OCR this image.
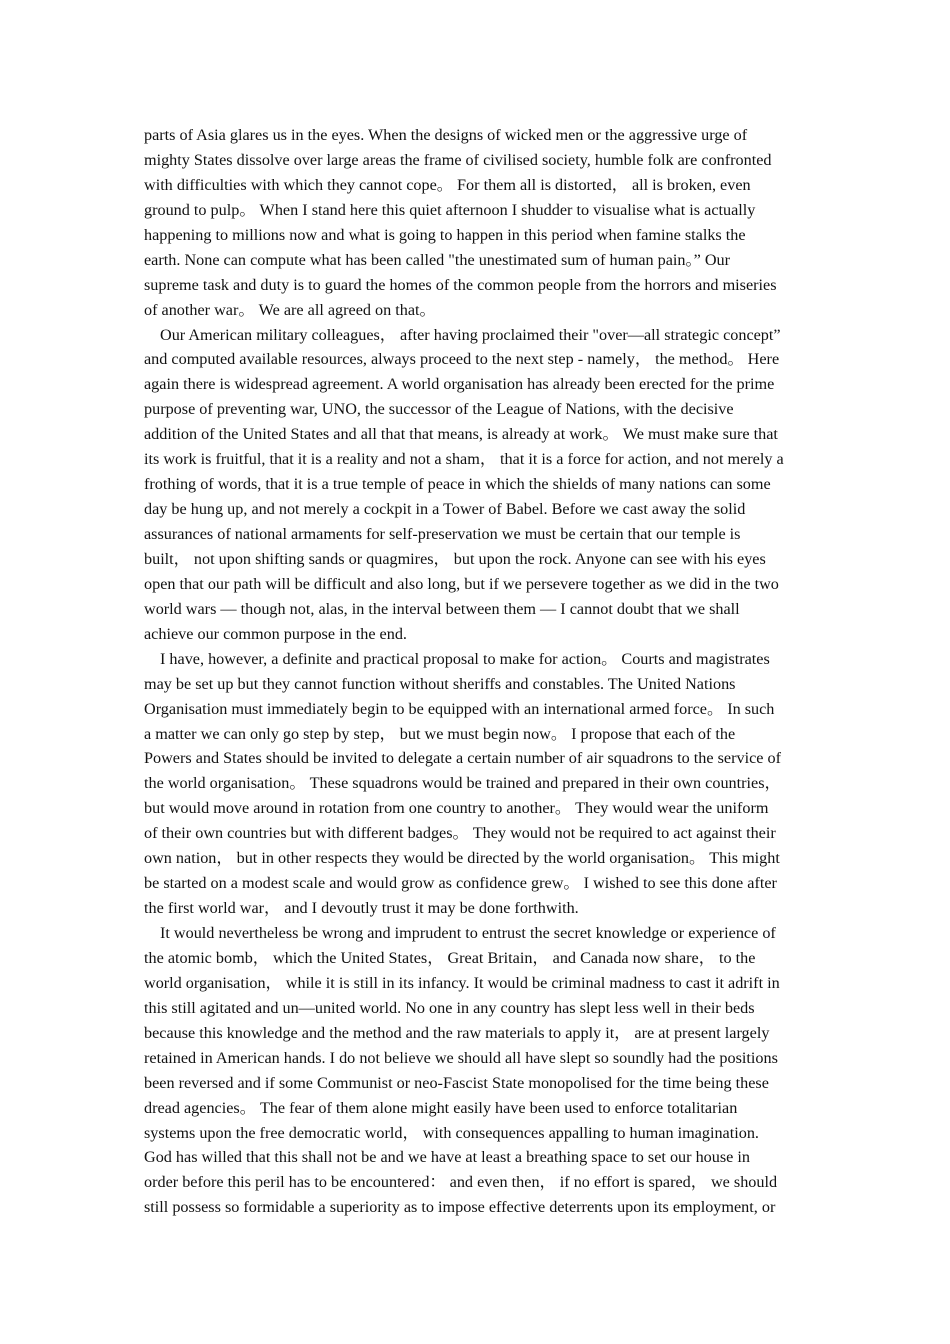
parts of Asia glares us in the eyes. When the designs of wicked men or the aggressive urge of
mighty States dissolve over large areas the frame of civilised society, humble folk are confronted
with difficulties with which they cannot cope。 For them all is distorted， all is broken, even
ground to pulp。 When I stand here this quiet afternoon I shudder to visualise what is actually
happening to millions now and what is going to happen in this period when famine stalks the
earth. None can compute what has been called "the unestimated sum of human pain。” Our
supreme task and duty is to guard the homes of the common people from the horrors and miseries
of another war。 We are all agreed on that。
Our American military colleagues， after having proclaimed their "over—all strategic concept”
and computed available resources, always proceed to the next step - namely， the method。 Here
again there is widespread agreement. A world organisation has already been erected for the prime
purpose of preventing war, UNO, the successor of the League of Nations, with the decisive
addition of the United States and all that that means, is already at work。 We must make sure that
its work is fruitful, that it is a reality and not a sham， that it is a force for action, and not merely a
frothing of words, that it is a true temple of peace in which the shields of many nations can some
day be hung up, and not merely a cockpit in a Tower of Babel. Before we cast away the solid
assurances of national armaments for self-preservation we must be certain that our temple is
built， not upon shifting sands or quagmires， but upon the rock. Anyone can see with his eyes
open that our path will be difficult and also long, but if we persevere together as we did in the two
world wars — though not, alas, in the interval between them — I cannot doubt that we shall
achieve our common purpose in the end.
I have, however, a definite and practical proposal to make for action。 Courts and magistrates
may be set up but they cannot function without sheriffs and constables. The United Nations
Organisation must immediately begin to be equipped with an international armed force。 In such
a matter we can only go step by step， but we must begin now。 I propose that each of the
Powers and States should be invited to delegate a certain number of air squadrons to the service of
the world organisation。 These squadrons would be trained and prepared in their own countries，
but would move around in rotation from one country to another。 They would wear the uniform
of their own countries but with different badges。 They would not be required to act against their
own nation， but in other respects they would be directed by the world organisation。 This might
be started on a modest scale and would grow as confidence grew。 I wished to see this done after
the first world war， and I devoutly trust it may be done forthwith.
It would nevertheless be wrong and imprudent to entrust the secret knowledge or experience of
the atomic bomb， which the United States， Great Britain， and Canada now share， to the
world organisation， while it is still in its infancy. It would be criminal madness to cast it adrift in
this still agitated and un—united world. No one in any country has slept less well in their beds
because this knowledge and the method and the raw materials to apply it， are at present largely
retained in American hands. I do not believe we should all have slept so soundly had the positions
been reversed and if some Communist or neo-Fascist State monopolised for the time being these
dread agencies。 The fear of them alone might easily have been used to enforce totalitarian
systems upon the free democratic world， with consequences appalling to human imagination.
God has willed that this shall not be and we have at least a breathing space to set our house in
order before this peril has to be encountered： and even then， if no effort is spared， we should
still possess so formidable a superiority as to impose effective deterrents upon its employment, or
